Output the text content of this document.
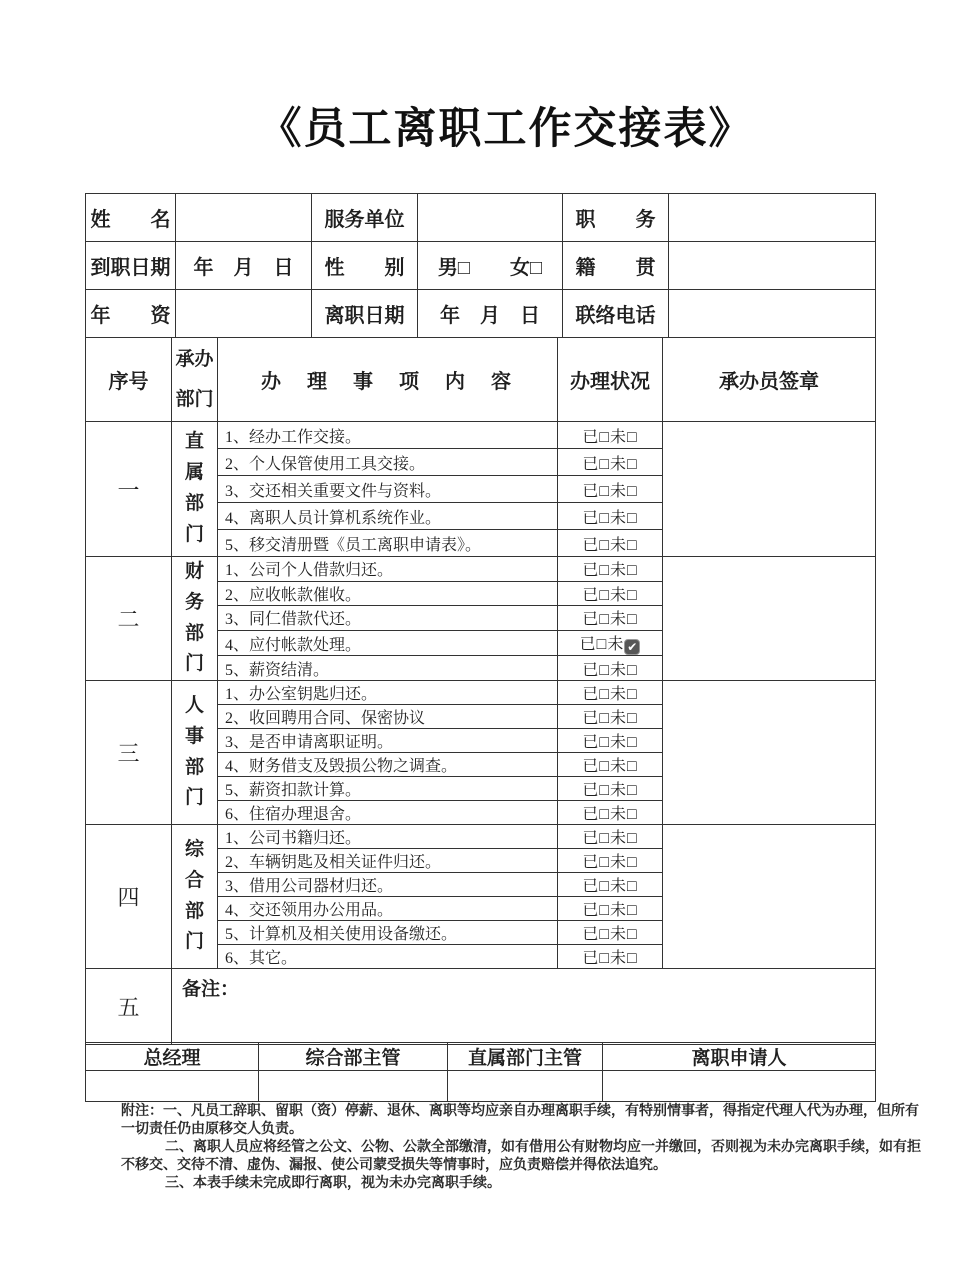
《员工离职工作交接表》
姓　　名		服务单位		职　　务	
到职日期	年　月　日	性　　别	男□　　女□	籍　　贯	
年　　资		离职日期	年　月　日	联络电话	
序号	承办部门	办　理　事　项　内　容	办理状况	承办员签章
一	直属部门	1、经办工作交接。	已□未□	
		2、个人保管使用工具交接。	已□未□	
		3、交还相关重要文件与资料。	已□未□	
		4、离职人员计算机系统作业。	已□未□	
		5、移交清册暨《员工离职申请表》。	已□未□	
二	财务部门	1、公司个人借款归还。	已□未□	
		2、应收帐款催收。	已□未□	
		3、同仁借款代还。	已□未□	
		4、应付帐款处理。	已□未 ✔	
		5、薪资结清。	已□未□	
三	人事部门	1、办公室钥匙归还。	已□未□	
		2、收回聘用合同、保密协议	已□未□	
		3、是否申请离职证明。	已□未□	
		4、财务借支及毁损公物之调查。	已□未□	
		5、薪资扣款计算。	已□未□	
		6、住宿办理退舍。	已□未□	
四	综合部门	1、公司书籍归还。	已□未□	
		2、车辆钥匙及相关证件归还。	已□未□	
		3、借用公司器材归还。	已□未□	
		4、交还领用办公用品。	已□未□	
		5、计算机及相关使用设备缴还。	已□未□	
		6、其它。	已□未□	
五	备注：			
总经理	综合部主管	直属部门主管	离职申请人

附注：一、凡员工辞职、留职（资）停薪、退休、离职等均应亲自办理离职手续，有特别情事者，得指定代理人代为办理，但所有
一切责任仍由原移交人负责。
二、离职人员应将经管之公文、公物、公款全部缴清，如有借用公有财物均应一并缴回，否则视为未办完离职手续，如有拒
不移交、交待不清、虚伪、漏报、使公司蒙受损失等情事时，应负责赔偿并得依法追究。
三、本表手续未完成即行离职，视为未办完离职手续。
